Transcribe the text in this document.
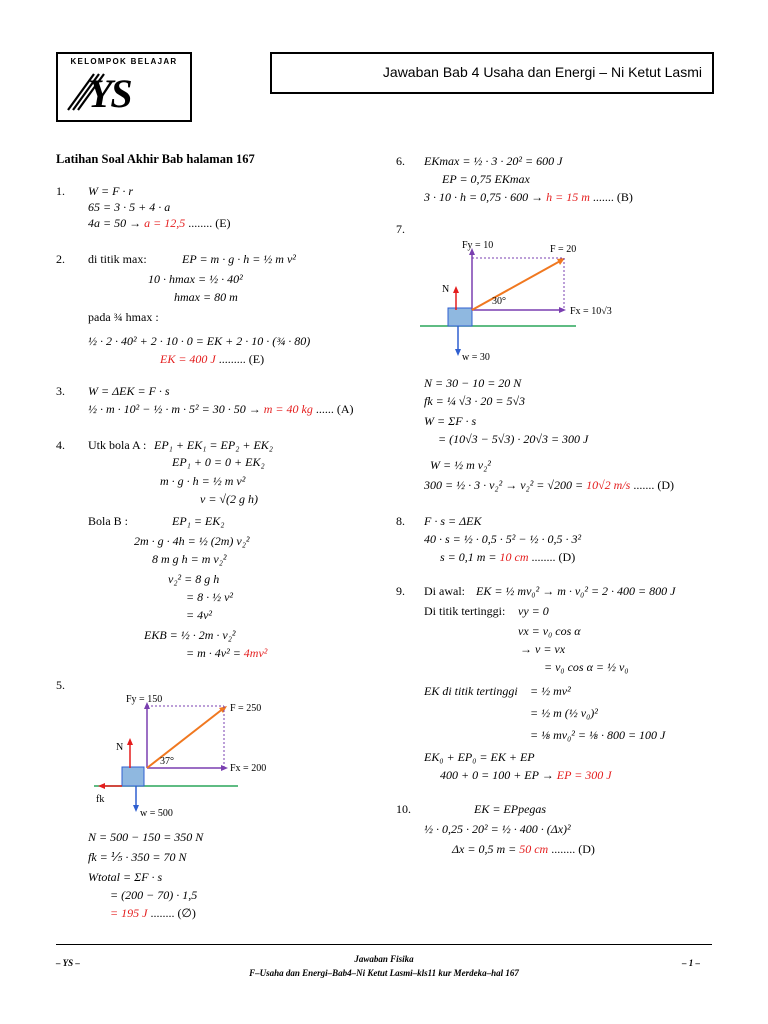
KELOMPOK BELAJAR
YS	Jawaban Bab 4 Usaha dan Energi – Ni Ketut Lasmi
Latihan Soal Akhir Bab halaman 167
1. W = F · r
65 = 3 · 5 + 4 · a
4a = 50 → a = 12,5 ........ (E)
2. di titik max:	EP = m · g · h = ½ m v²
10 · hmax = ½ · 40²
hmax = 80 m
pada ¾ hmax :
½ · 2 · 40² + 2 · 10 · 0 = EK + 2 · 10 · (¾ · 80)
EK = 400 J ......... (E)
3. W = ΔEK = F · s
½ · m · 10² − ½ · m · 5² = 30 · 50 → m = 40 kg ...... (A)
4. Utk bola A : EP₁ + EK₁ = EP₂ + EK₂
EP₁ + 0 = 0 + EK₂
m · g · h = ½ m v²
v = √(2 g h)
Bola B :	EP₁ = EK₂
2m · g · 4h = ½ (2m) v₂²
8 m g h = m v₂²
v₂² = 8 g h
= 8 · ½ v²
= 4v²
EKB = ½ · 2m · v₂²
= m · 4v² = 4mv²
5.
Fy = 150
F = 250
N
37°
Fx = 200
fk
w = 500
N = 500 − 150 = 350 N
fk = ⅕ · 350 = 70 N
Wtotal = ΣF · s
= (200 − 70) · 1,5
= 195 J ........ (∅)
6. EKmax = ½ · 3 · 20² = 600 J
EP = 0,75 EKmax
3 · 10 · h = 0,75 · 600 → h = 15 m ....... (B)
7.
Fy = 10	F = 20
N
30°
Fx = 10√3
w = 30
N = 30 − 10 = 20 N
fk = ¼ √3 · 20 = 5√3
W = ΣF · s
= (10√3 − 5√3) · 20√3 = 300 J
W = ½ m v₂²
300 = ½ · 3 · v₂² → v₂² = √200 = 10√2 m/s ....... (D)
8. F · s = ΔEK
40 · s = ½ · 0,5 · 5² − ½ · 0,5 · 3²
s = 0,1 m = 10 cm ........ (D)
9. Di awal: EK = ½ mv₀² → m · v₀² = 2 · 400 = 800 J
Di titik tertinggi: vy = 0
vx = v₀ cos α
→ v = vx
= v₀ cos α = ½ v₀
EK di titik tertinggi = ½ mv²
= ½ m (½ v₀)²
= ⅛ mv₀² = ⅛ · 800 = 100 J
EK₀ + EP₀ = EK + EP
400 + 0 = 100 + EP → EP = 300 J
10.	EK = EPpegas
½ · 0,25 · 20² = ½ · 400 · (Δx)²
Δx = 0,5 m = 50 cm ........ (D)
– YS –	Jawaban Fisika
F–Usaha dan Energi–Bab4–Ni Ketut Lasmi–kls11 kur Merdeka–hal 167
– 1 –
